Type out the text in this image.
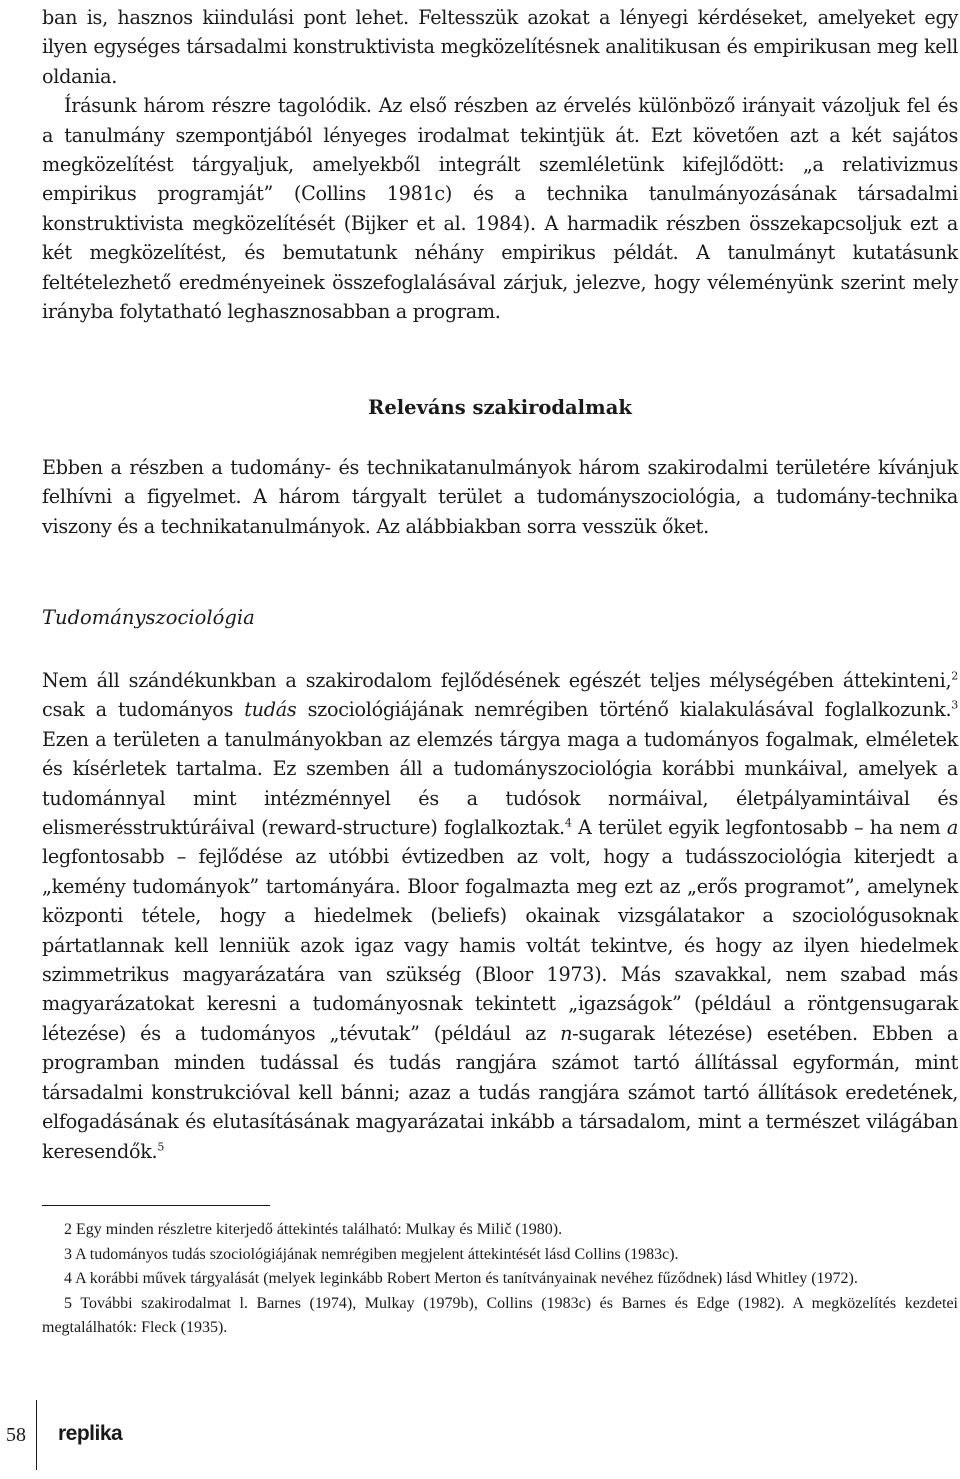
ban is, hasznos kiindulási pont lehet. Feltesszük azokat a lényegi kérdéseket, amelyeket egy ilyen egységes társadalmi konstruktivista megközelítésnek analitikusan és empirikusan meg kell oldania.

Írásunk három részre tagolódik. Az első részben az érvelés különböző irányait vázoljuk fel és a tanulmány szempontjából lényeges irodalmat tekintjük át. Ezt követően azt a két sajátos megközelítést tárgyaljuk, amelyekből integrált szemléletünk kifejlődött: „a relativizmus empirikus programját” (Collins 1981c) és a technika tanulmányozásának társadalmi konstruktivista megközelítését (Bijker et al. 1984). A harmadik részben összekapcsoljuk ezt a két megközelítést, és bemutatunk néhány empirikus példát. A tanulmányt kutatásunk feltételezhető eredményeinek összefoglalásával zárjuk, jelezve, hogy véleményünk szerint mely irányba folytatható leghasznosabban a program.

Releváns szakirodalmak

Ebben a részben a tudomány- és technikatanulmányok három szakirodalmi területére kívánjuk felhívni a figyelmet. A három tárgyalt terület a tudományszociológia, a tudomány-technika viszony és a technikatanulmányok. Az alábbiakban sorra vesszük őket.

Tudományszociológia

Nem áll szándékunkban a szakirodalom fejlődésének egészét teljes mélységében áttekinteni,$^2$ csak a tudományos tudás szociológiájának nemrégiben történő kialakulásával foglalkozunk.$^3$ Ezen a területen a tanulmányokban az elemzés tárgya maga a tudományos fogalmak, elméletek és kísérletek tartalma. Ez szemben áll a tudományszociológia korábbi munkáival, amelyek a tudománnyal mint intézménnyel és a tudósok normáival, életpályamintáival és elismerésstruktúráival (reward-structure) foglalkoztak.$^4$ A terület egyik legfontosabb – ha nem a legfontosabb – fejlődése az utóbbi évtizedben az volt, hogy a tudásszociológia kiterjedt a „kemény tudományok” tartományára. Bloor fogalmazta meg ezt az „erős programot”, amelynek központi tétele, hogy a hiedelmek (beliefs) okainak vizsgálatakor a szociológusoknak pártatlannak kell lenniük azok igaz vagy hamis voltát tekintve, és hogy az ilyen hiedelmek szimmetrikus magyarázatára van szükség (Bloor 1973). Más szavakkal, nem szabad más magyarázatokat keresni a tudományosnak tekintett „igazságok” (például a röntgensugarak létezése) és a tudományos „tévutak” (például az n-sugarak létezése) esetében. Ebben a programban minden tudással és tudás rangjára számot tartó állítással egyformán, mint társadalmi konstrukcióval kell bánni; azaz a tudás rangjára számot tartó állítások eredetének, elfogadásának és elutasításának magyarázatai inkább a társadalom, mint a természet világában keresendők.$^5$

2 Egy minden részletre kiterjedő áttekintés található: Mulkay és Milič (1980).

3 A tudományos tudás szociológiájának nemrégiben megjelent áttekintését lásd Collins (1983c).

4 A korábbi művek tárgyalását (melyek leginkább Robert Merton és tanítványainak nevéhez fűződnek) lásd Whitley (1972).

5 További szakirodalmat l. Barnes (1974), Mulkay (1979b), Collins (1983c) és Barnes és Edge (1982). A megközelítés kezdetei megtalálhatók: Fleck (1935).

58 replika
